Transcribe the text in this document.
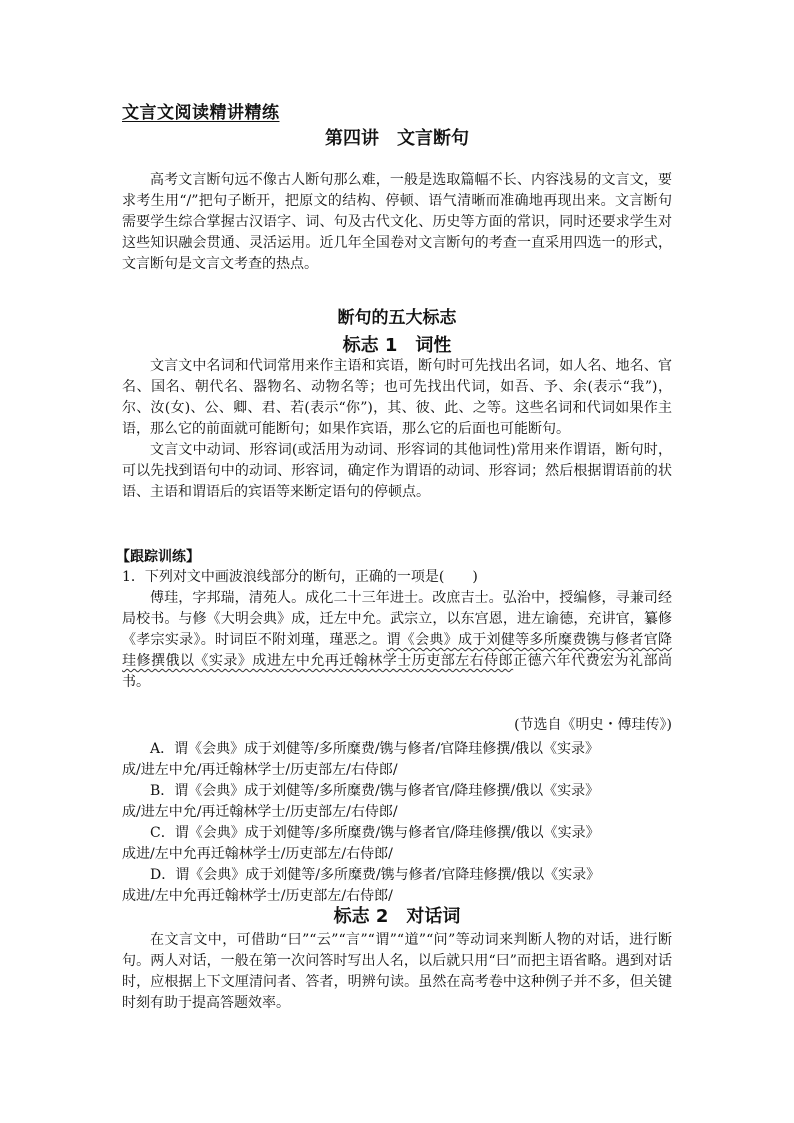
文言文阅读精讲精练
第四讲　文言断句

高考文言断句远不像古人断句那么难，一般是选取篇幅不长、内容浅易的文言文，要求考生用“/”把句子断开，把原文的结构、停顿、语气清晰而准确地再现出来。文言断句需要学生综合掌握古汉语字、词、句及古代文化、历史等方面的常识，同时还要求学生对这些知识融会贯通、灵活运用。近几年全国卷对文言断句的考查一直采用四选一的形式，文言断句是文言文考查的热点。

断句的五大标志
标志 1　词性

文言文中名词和代词常用来作主语和宾语，断句时可先找出名词，如人名、地名、官名、国名、朝代名、器物名、动物名等；也可先找出代词，如吾、予、余(表示“我”)，尔、汝(女)、公、卿、君、若(表示“你”)，其、彼、此、之等。这些名词和代词如果作主语，那么它的前面就可能断句；如果作宾语，那么它的后面也可能断句。

文言文中动词、形容词(或活用为动词、形容词的其他词性)常用来作谓语，断句时，可以先找到语句中的动词、形容词，确定作为谓语的动词、形容词；然后根据谓语前的状语、主语和谓语后的宾语等来断定语句的停顿点。

【跟踪训练】
1．下列对文中画波浪线部分的断句，正确的一项是(　　)

傅珪，字邦瑞，清苑人。成化二十三年进士。改庶吉士。弘治中，授编修，寻兼司经局校书。与修《大明会典》成，迁左中允。武宗立，以东宫恩，进左谕德，充讲官，纂修《孝宗实录》。时词臣不附刘瑾，瑾恶之。谓《会典》成于刘健等多所糜费镌与修者官降珪修撰俄以《实录》成进左中允再迁翰林学士历吏部左右侍郎正德六年代费宏为礼部尚书。

(节选自《明史・傅珪传》)
A．谓《会典》成于刘健等/多所糜费/镌与修者/官降珪修撰/俄以《实录》
成/进左中允/再迁翰林学士/历吏部左/右侍郎/
B．谓《会典》成于刘健等/多所糜费/镌与修者官/降珪修撰/俄以《实录》
成/进左中允/再迁翰林学士/历吏部左/右侍郎/
C．谓《会典》成于刘健等/多所糜费/镌与修者官/降珪修撰/俄以《实录》
成进/左中允再迁翰林学士/历吏部左/右侍郎/
D．谓《会典》成于刘健等/多所糜费/镌与修者/官降珪修撰/俄以《实录》
成进/左中允再迁翰林学士/历吏部左/右侍郎/
标志 2　对话词

在文言文中，可借助“曰”“云”“言”“谓”“道”“问”等动词来判断人物的对话，进行断句。两人对话，一般在第一次问答时写出人名，以后就只用“曰”而把主语省略。遇到对话时，应根据上下文厘清问者、答者，明辨句读。虽然在高考卷中这种例子并不多，但关键时刻有助于提高答题效率。
